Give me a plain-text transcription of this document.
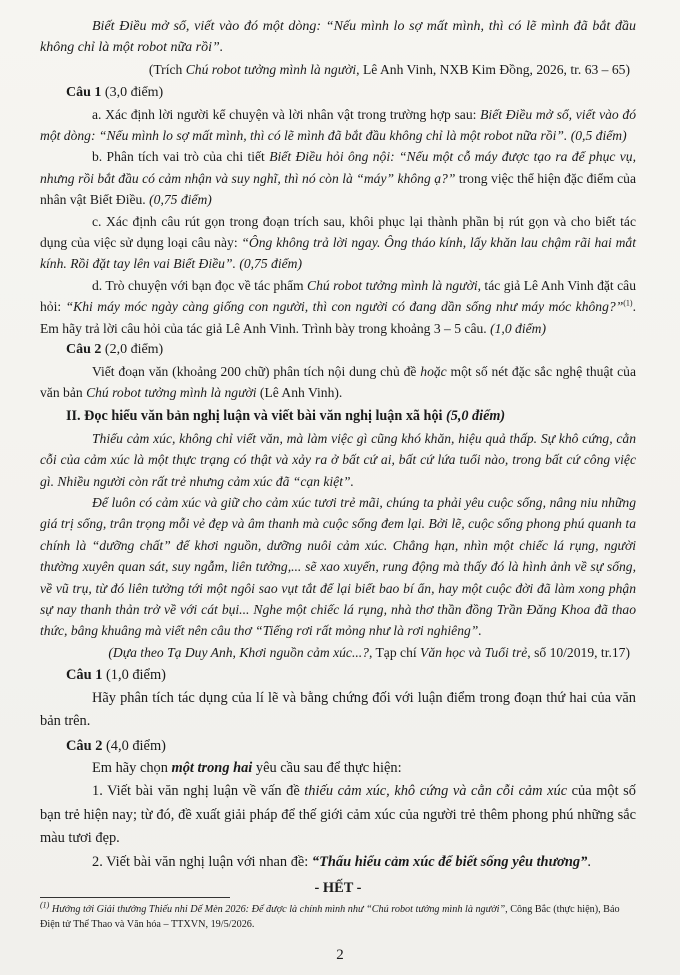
Biết Điều mở sổ, viết vào đó một dòng: “Nếu mình lo sợ mất mình, thì có lẽ mình đã bắt đầu không chỉ là một robot nữa rồi”.

(Trích Chú robot tưởng mình là người, Lê Anh Vinh, NXB Kim Đồng, 2026, tr. 63 – 65)

Câu 1 (3,0 điểm)

a. Xác định lời người kể chuyện và lời nhân vật trong trường hợp sau: Biết Điều mở sổ, viết vào đó một dòng: “Nếu mình lo sợ mất mình, thì có lẽ mình đã bắt đầu không chỉ là một robot nữa rồi”. (0,5 điểm)

b. Phân tích vai trò của chi tiết Biết Điều hỏi ông nội: “Nếu một cỗ máy được tạo ra để phục vụ, nhưng rồi bắt đầu có cảm nhận và suy nghĩ, thì nó còn là “máy” không ạ?” trong việc thể hiện đặc điểm của nhân vật Biết Điều. (0,75 điểm)

c. Xác định câu rút gọn trong đoạn trích sau, khôi phục lại thành phần bị rút gọn và cho biết tác dụng của việc sử dụng loại câu này: “Ông không trả lời ngay. Ông tháo kính, lấy khăn lau chậm rãi hai mắt kính. Rồi đặt tay lên vai Biết Điều”. (0,75 điểm)

d. Trò chuyện với bạn đọc về tác phẩm Chú robot tưởng mình là người, tác giả Lê Anh Vinh đặt câu hỏi: “Khi máy móc ngày càng giống con người, thì con người có đang dần sống như máy móc không?”$^{(1)}$. Em hãy trả lời câu hỏi của tác giả Lê Anh Vinh. Trình bày trong khoảng 3 – 5 câu. (1,0 điểm)

Câu 2 (2,0 điểm)

Viết đoạn văn (khoảng 200 chữ) phân tích nội dung chủ đề hoặc một số nét đặc sắc nghệ thuật của văn bản Chú robot tưởng mình là người (Lê Anh Vinh).

II. Đọc hiểu văn bản nghị luận và viết bài văn nghị luận xã hội (5,0 điểm)

Thiếu cảm xúc, không chỉ viết văn, mà làm việc gì cũng khó khăn, hiệu quả thấp. Sự khô cứng, cằn cỗi của cảm xúc là một thực trạng có thật và xảy ra ở bất cứ ai, bất cứ lứa tuổi nào, trong bất cứ công việc gì. Nhiều người còn rất trẻ nhưng cảm xúc đã “cạn kiệt”.

Để luôn có cảm xúc và giữ cho cảm xúc tươi trẻ mãi, chúng ta phải yêu cuộc sống, nâng niu những giá trị sống, trân trọng mỗi vẻ đẹp và âm thanh mà cuộc sống đem lại. Bởi lẽ, cuộc sống phong phú quanh ta chính là “dưỡng chất” để khơi nguồn, dưỡng nuôi cảm xúc. Chẳng hạn, nhìn một chiếc lá rụng, người thường xuyên quan sát, suy ngẫm, liên tưởng,... sẽ xao xuyến, rung động mà thấy đó là hình ảnh về sự sống, về vũ trụ, từ đó liên tưởng tới một ngôi sao vụt tắt để lại biết bao bí ẩn, hay một cuộc đời đã làm xong phận sự nay thanh thản trở về với cát bụi... Nghe một chiếc lá rụng, nhà thơ thần đồng Trần Đăng Khoa đã thao thức, bâng khuâng mà viết nên câu thơ “Tiếng rơi rất mỏng như là rơi nghiêng”.

(Dựa theo Tạ Duy Anh, Khơi nguồn cảm xúc...?, Tạp chí Văn học và Tuổi trẻ, số 10/2019, tr.17)

Câu 1 (1,0 điểm)

Hãy phân tích tác dụng của lí lẽ và bằng chứng đối với luận điểm trong đoạn thứ hai của văn bản trên.

Câu 2 (4,0 điểm)

Em hãy chọn một trong hai yêu cầu sau để thực hiện:

1. Viết bài văn nghị luận về vấn đề thiếu cảm xúc, khô cứng và cằn cỗi cảm xúc của một số bạn trẻ hiện nay; từ đó, đề xuất giải pháp để thế giới cảm xúc của người trẻ thêm phong phú những sắc màu tươi đẹp.

2. Viết bài văn nghị luận với nhan đề: “Thấu hiểu cảm xúc để biết sống yêu thương”.

- HẾT -

$^{(1)}$ Hướng tới Giải thưởng Thiếu nhi Dế Mèn 2026: Để được là chính mình như “Chú robot tưởng mình là người”, Công Bắc (thực hiện), Báo Điện tử Thể Thao và Văn hóa – TTXVN, 19/5/2026.

2
